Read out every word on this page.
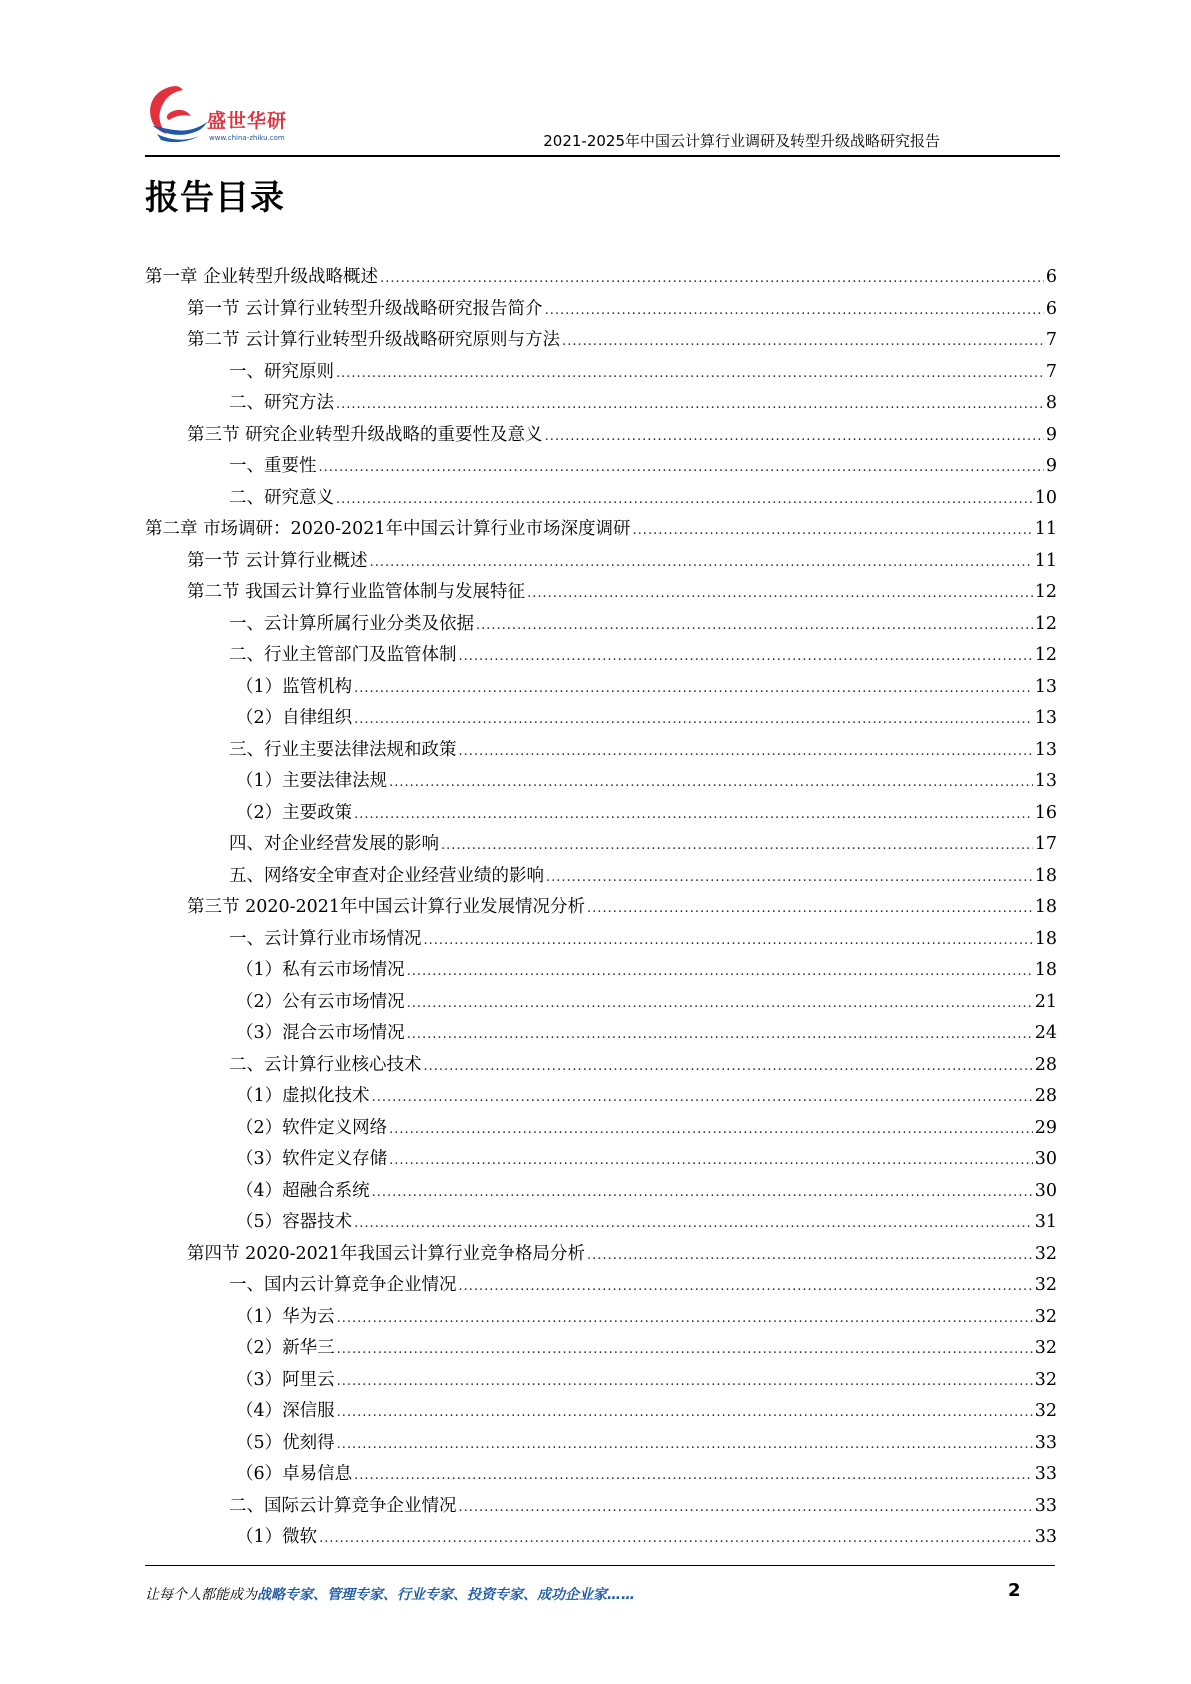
盛世华研
www.china-zhiku.com	2021-2025年中国云计算行业调研及转型升级战略研究报告
报告目录
第一章 企业转型升级战略概述 .....	6
第一节 云计算行业转型升级战略研究报告简介 .....	6
第二节 云计算行业转型升级战略研究原则与方法 .....	7
一、研究原则 .....	7
二、研究方法 .....	8
第三节 研究企业转型升级战略的重要性及意义 .....	9
一、重要性 .....	9
二、研究意义 .....	10
第二章 市场调研：2020-2021年中国云计算行业市场深度调研 .....	11
第一节 云计算行业概述 .....	11
第二节 我国云计算行业监管体制与发展特征 .....	12
一、云计算所属行业分类及依据 .....	12
二、行业主管部门及监管体制 .....	12
（1）监管机构 .....	13
（2）自律组织 .....	13
三、行业主要法律法规和政策 .....	13
（1）主要法律法规 .....	13
（2）主要政策 .....	16
四、对企业经营发展的影响 .....	17
五、网络安全审查对企业经营业绩的影响 .....	18
第三节 2020-2021年中国云计算行业发展情况分析 .....	18
一、云计算行业市场情况 .....	18
（1）私有云市场情况 .....	18
（2）公有云市场情况 .....	21
（3）混合云市场情况 .....	24
二、云计算行业核心技术 .....	28
（1）虚拟化技术 .....	28
（2）软件定义网络 .....	29
（3）软件定义存储 .....	30
（4）超融合系统 .....	30
（5）容器技术 .....	31
第四节 2020-2021年我国云计算行业竞争格局分析 .....	32
一、国内云计算竞争企业情况 .....	32
（1）华为云 .....	32
（2）新华三 .....	32
（3）阿里云 .....	32
（4）深信服 .....	32
（5）优刻得 .....	33
（6）卓易信息 .....	33
二、国际云计算竞争企业情况 .....	33
（1）微软 .....	33
让每个人都能成为战略专家、管理专家、行业专家、投资专家、成功企业家……	2
